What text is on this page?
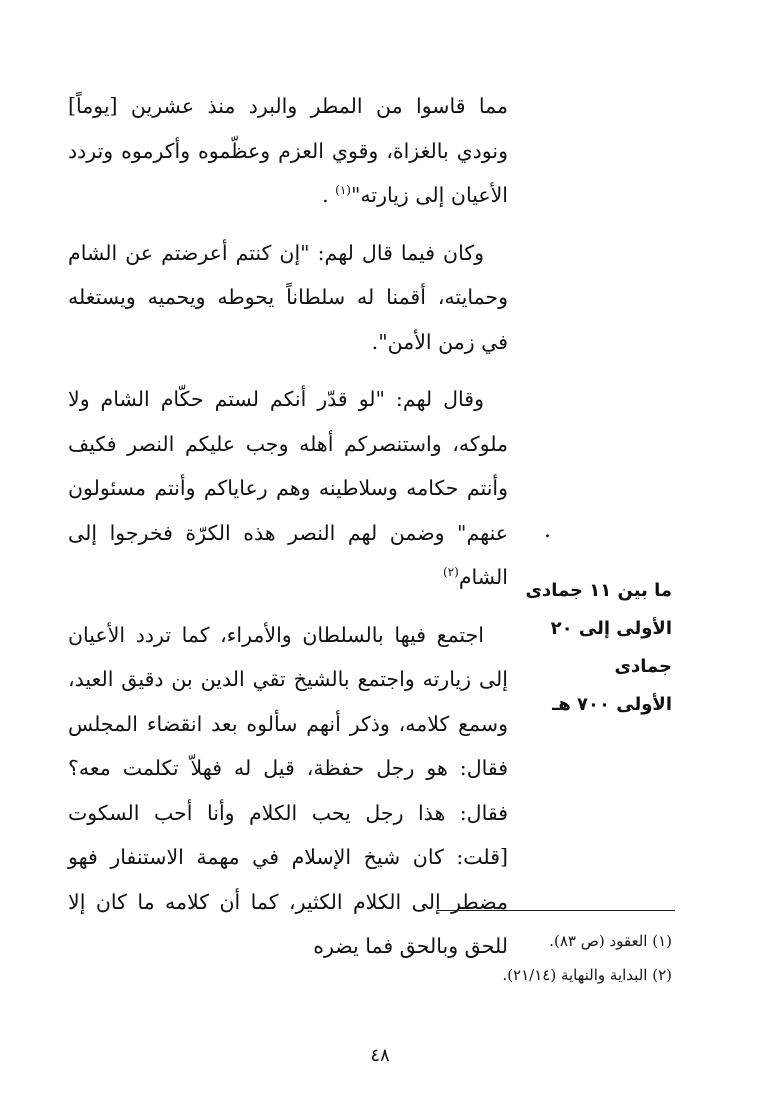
مما قاسوا من المطر والبرد منذ عشرين [يوماً] ونودي بالغزاة، وقوي العزم وعظّموه وأكرموه وتردد الأعيان إلى زيارته"$^{(١)}$ .

وكان فيما قال لهم: "إن كنتم أعرضتم عن الشام وحمايته، أقمنا له سلطاناً يحوطه ويحميه ويستغله في زمن الأمن".

وقال لهم: "لو قدّر أنكم لستم حكّام الشام ولا ملوكه، واستنصركم أهله وجب عليكم النصر فكيف وأنتم حكامه وسلاطينه وهم رعاياكم وأنتم مسئولون عنهم" وضمن لهم النصر هذه الكرّة فخرجوا إلى الشام$^{(٢)}$

اجتمع فيها بالسلطان والأمراء، كما تردد الأعيان إلى زيارته واجتمع بالشيخ تقي الدين بن دقيق العيد، وسمع كلامه، وذكر أنهم سألوه بعد انقضاء المجلس فقال: هو رجل حفظة، قيل له فهلاّ تكلمت معه؟ فقال: هذا رجل يحب الكلام وأنا أحب السكوت [قلت: كان شيخ الإسلام في مهمة الاستنفار فهو مضطر إلى الكلام الكثير، كما أن كلامه ما كان إلا للحق وبالحق فما يضره

.
ما بين ١١ جمادى
الأولى إلى ٢٠ جمادى
الأولى ٧٠٠ هـ
(١) العقود (ص ٨٣).
(٢) البداية والنهاية (٢١/١٤).
٤٨
